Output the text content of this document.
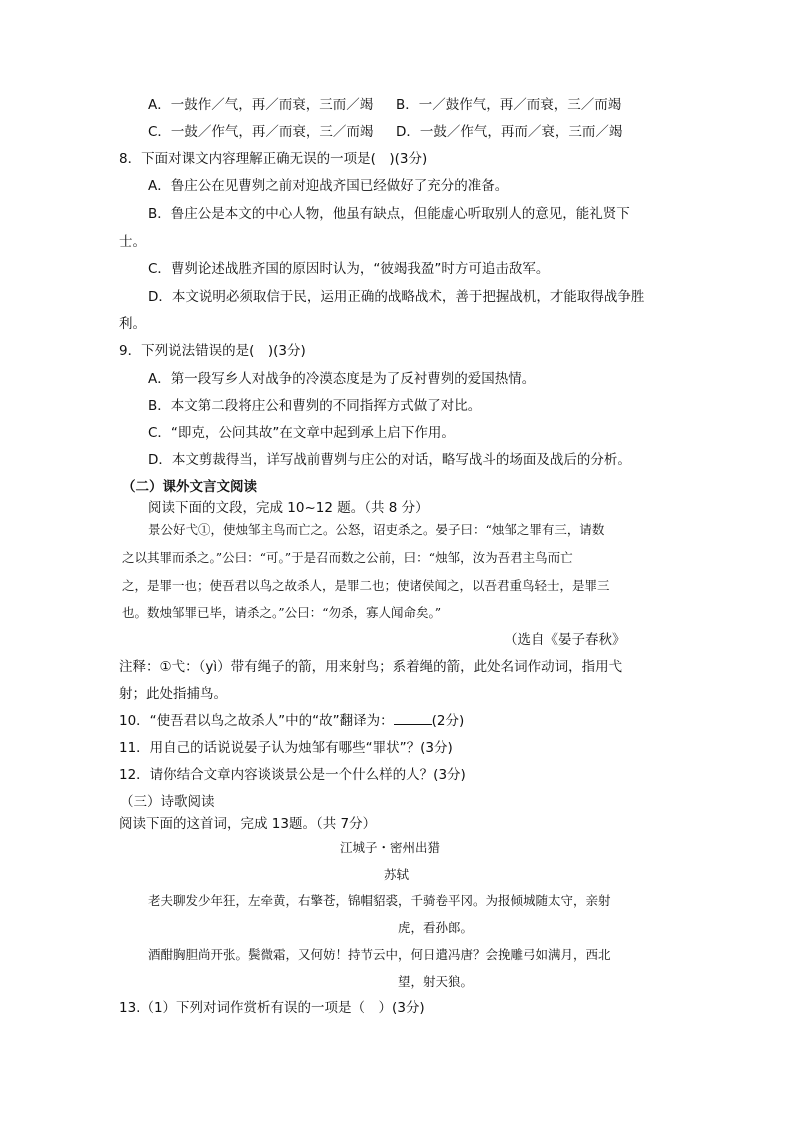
A．一鼓作／气，再／而衰，三而／竭 B．一／鼓作气，再／而衰，三／而竭
C．一鼓／作气，再／而衰，三／而竭 D．一鼓／作气，再而／衰，三而／竭
8．下面对课文内容理解正确无误的一项是(　)(3分)
A．鲁庄公在见曹刿之前对迎战齐国已经做好了充分的准备。
B．鲁庄公是本文的中心人物，他虽有缺点，但能虚心听取别人的意见，能礼贤下
士。
C．曹刿论述战胜齐国的原因时认为，“彼竭我盈”时方可追击敌军。
D．本文说明必须取信于民，运用正确的战略战术，善于把握战机，才能取得战争胜
利。
9．下列说法错误的是(　)(3分)
A．第一段写乡人对战争的冷漠态度是为了反衬曹刿的爱国热情。
B．本文第二段将庄公和曹刿的不同指挥方式做了对比。
C．“即克，公问其故”在文章中起到承上启下作用。
D．本文剪裁得当，详写战前曹刿与庄公的对话，略写战斗的场面及战后的分析。
（二）课外文言文阅读
阅读下面的文段，完成 10~12 题。（共 8 分）
景公好弋①，使烛邹主鸟而亡之。公怒，诏吏杀之。晏子曰：“烛邹之罪有三，请数
之以其罪而杀之。”公曰：“可。”于是召而数之公前，曰：“烛邹，汝为吾君主鸟而亡
之，是罪一也；使吾君以鸟之故杀人，是罪二也；使诸侯闻之，以吾君重鸟轻士，是罪三
也。数烛邹罪已毕，请杀之。”公曰：“勿杀，寡人闻命矣。”
（选自《晏子春秋》
注释：①弋：（yì）带有绳子的箭，用来射鸟；系着绳的箭，此处名词作动词，指用弋
射；此处指捕鸟。
10．“使吾君以鸟之故杀人”中的“故”翻译为：	(2分)
11．用自己的话说说晏子认为烛邹有哪些“罪状”？(3分)
12．请你结合文章内容谈谈景公是一个什么样的人？(3分)
（三）诗歌阅读
阅读下面的这首词，完成 13题。（共 7分）
江城子・密州出猎
苏轼
老夫聊发少年狂，左牵黄，右擎苍，锦帽貂裘，千骑卷平冈。为报倾城随太守，亲射
虎，看孙郎。
酒酣胸胆尚开张。鬓微霜，又何妨！持节云中，何日遣冯唐？会挽雕弓如满月，西北
望，射天狼。
13.（1）下列对词作赏析有误的一项是（　）(3分)
